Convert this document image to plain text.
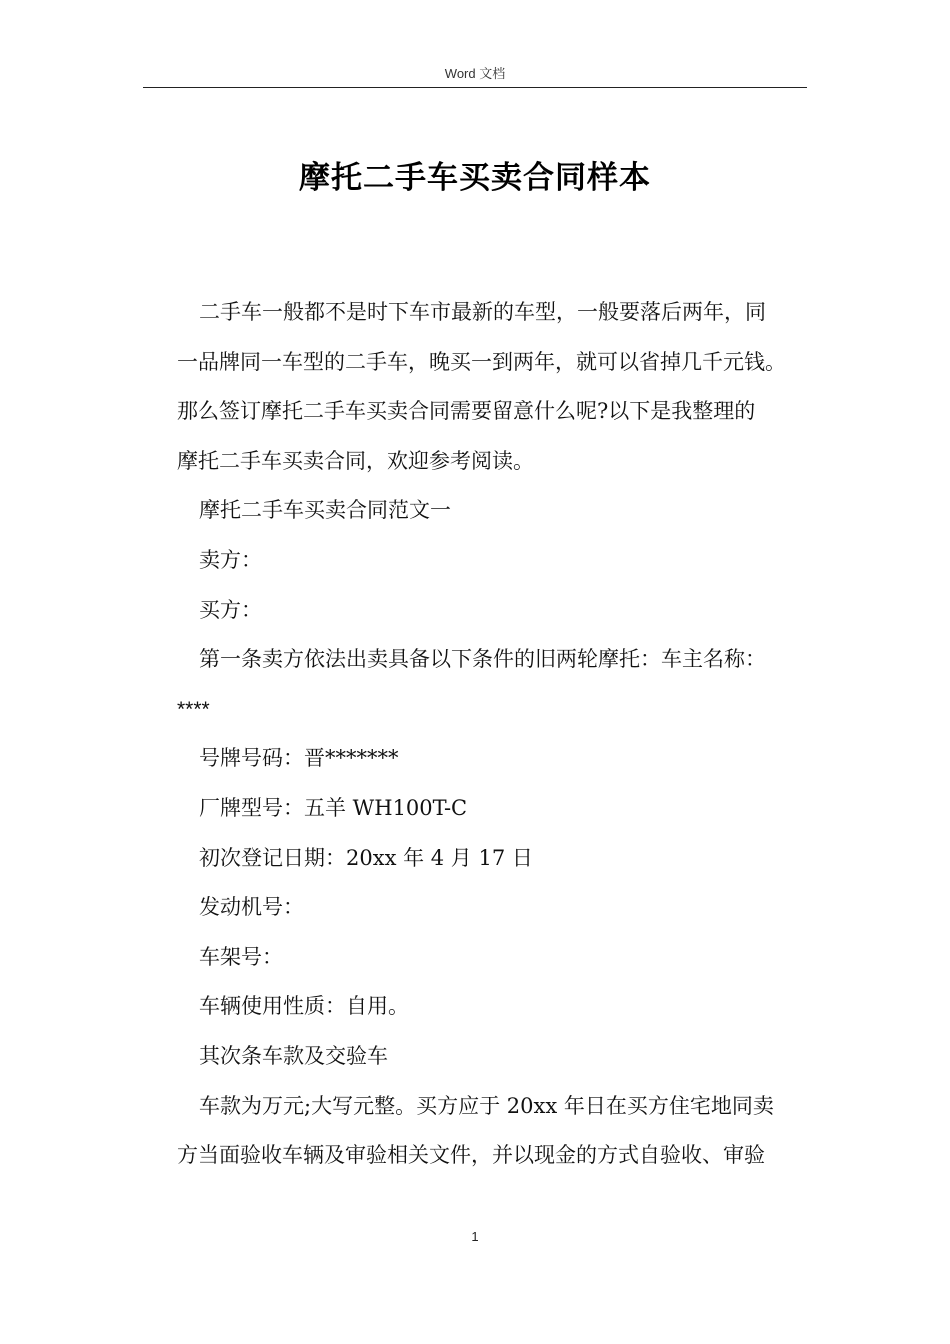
Word 文档
摩托二手车买卖合同样本
二手车一般都不是时下车市最新的车型，一般要落后两年，同
一品牌同一车型的二手车，晚买一到两年，就可以省掉几千元钱。
那么签订摩托二手车买卖合同需要留意什么呢?以下是我整理的
摩托二手车买卖合同，欢迎参考阅读。
摩托二手车买卖合同范文一
卖方：
买方：
第一条卖方依法出卖具备以下条件的旧两轮摩托：车主名称：
****
号牌号码：晋*******
厂牌型号：五羊 WH100T-C
初次登记日期：20xx 年 4 月 17 日
发动机号：
车架号：
车辆使用性质：自用。
其次条车款及交验车
车款为万元;大写元整。买方应于 20xx 年日在买方住宅地同卖
方当面验收车辆及审验相关文件，并以现金的方式自验收、审验
1
